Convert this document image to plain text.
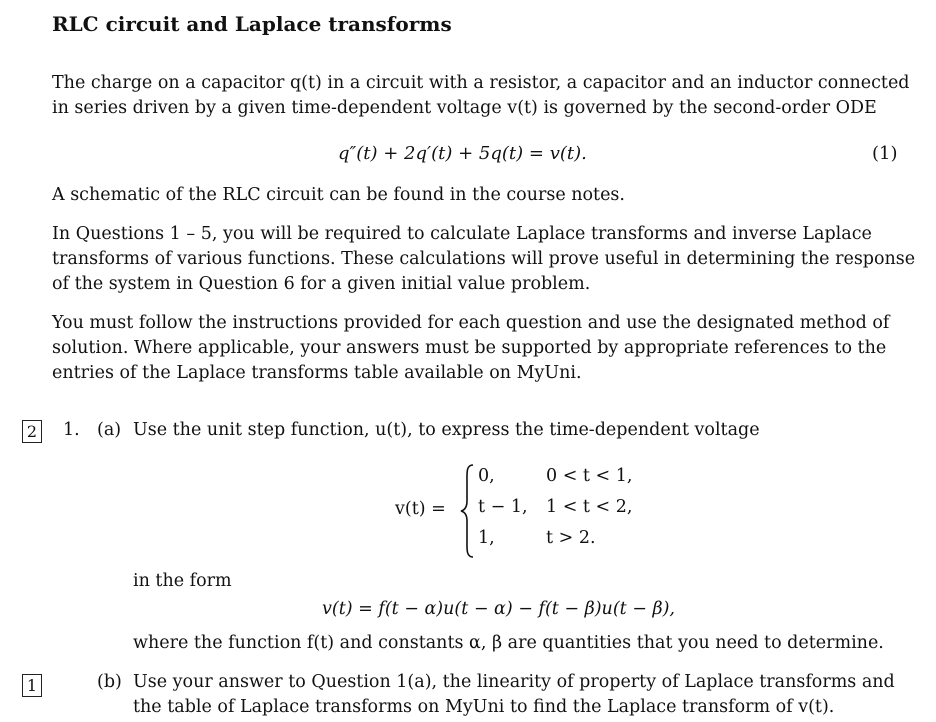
RLC circuit and Laplace transforms
The charge on a capacitor q(t) in a circuit with a resistor, a capacitor and an inductor connected
in series driven by a given time-dependent voltage v(t) is governed by the second-order ODE
q″(t) + 2q′(t) + 5q(t) = v(t).	(1)
A schematic of the RLC circuit can be found in the course notes.
In Questions 1 – 5, you will be required to calculate Laplace transforms and inverse Laplace
transforms of various functions. These calculations will prove useful in determining the response
of the system in Question 6 for a given initial value problem.
You must follow the instructions provided for each question and use the designated method of
solution. Where applicable, your answers must be supported by appropriate references to the
entries of the Laplace transforms table available on MyUni.
2 1. (a) Use the unit step function, u(t), to express the time-dependent voltage
v(t) =
0,	0 < t < 1,
t − 1, 1 < t < 2,
1,	t > 2.
in the form
v(t) = f(t − α)u(t − α) − f(t − β)u(t − β),
where the function f(t) and constants α, β are quantities that you need to determine.
1	(b) Use your answer to Question 1(a), the linearity of property of Laplace transforms and
the table of Laplace transforms on MyUni to find the Laplace transform of v(t).
